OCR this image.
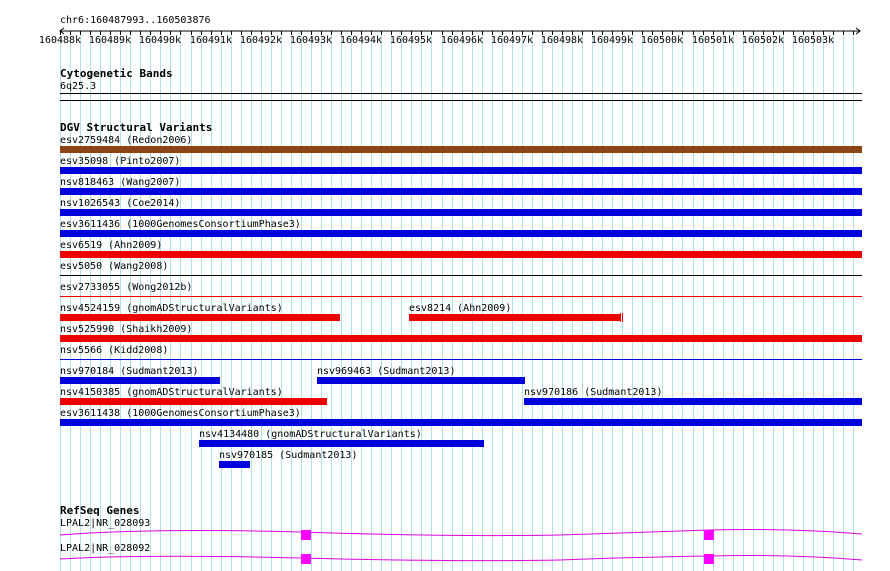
chr6:160487993..160503876
160488k 160489k 160490k 160491k 160492k 160493k 160494k 160495k 160496k 160497k 160498k 160499k 160500k 160501k 160502k 160503k
Cytogenetic Bands
6q25.3
DGV Structural Variants
esv2759484 (Redon2006)
esv35098 (Pinto2007)
nsv818463 (Wang2007)
nsv1026543 (Coe2014)
esv3611436 (1000GenomesConsortiumPhase3)
esv6519 (Ahn2009)
esv5050 (Wang2008)
esv2733055 (Wong2012b)
nsv4524159 (gnomADStructuralVariants)	esv8214 (Ahn2009)
nsv525990 (Shaikh2009)
nsv5566 (Kidd2008)
nsv970184 (Sudmant2013)	nsv969463 (Sudmant2013)
nsv4150385 (gnomADStructuralVariants)	nsv970186 (Sudmant2013)
esv3611438 (1000GenomesConsortiumPhase3)
nsv4134480 (gnomADStructuralVariants)
nsv970185 (Sudmant2013)
RefSeq Genes
LPAL2|NR_028093
LPAL2|NR_028092
